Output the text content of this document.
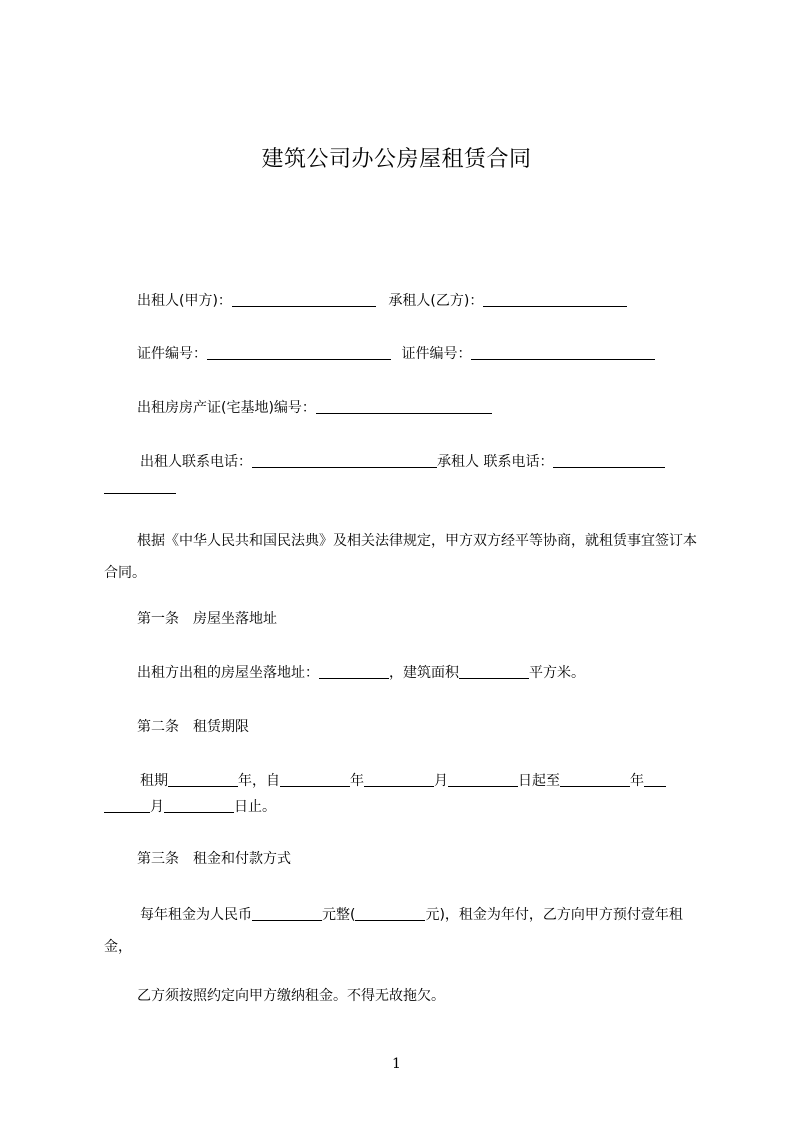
建筑公司办公房屋租赁合同
出租人(甲方)：	承租人(乙方)：
证件编号：	证件编号：
出租房房产证(宅基地)编号：
出租人联系电话：	承租人 联系电话：
根据《中华人民共和国民法典》及相关法律规定，甲方双方经平等协商，就租赁事宜签订本合同。
第一条　房屋坐落地址
出租方出租的房屋坐落地址：	，建筑面积	平方米。
第二条　租赁期限
租期	年，自	年	月	日起至	年
月	日止。
第三条　租金和付款方式
每年租金为人民币	元整(	元)，租金为年付，乙方向甲方预付壹年租金，
乙方须按照约定向甲方缴纳租金。不得无故拖欠。
1
